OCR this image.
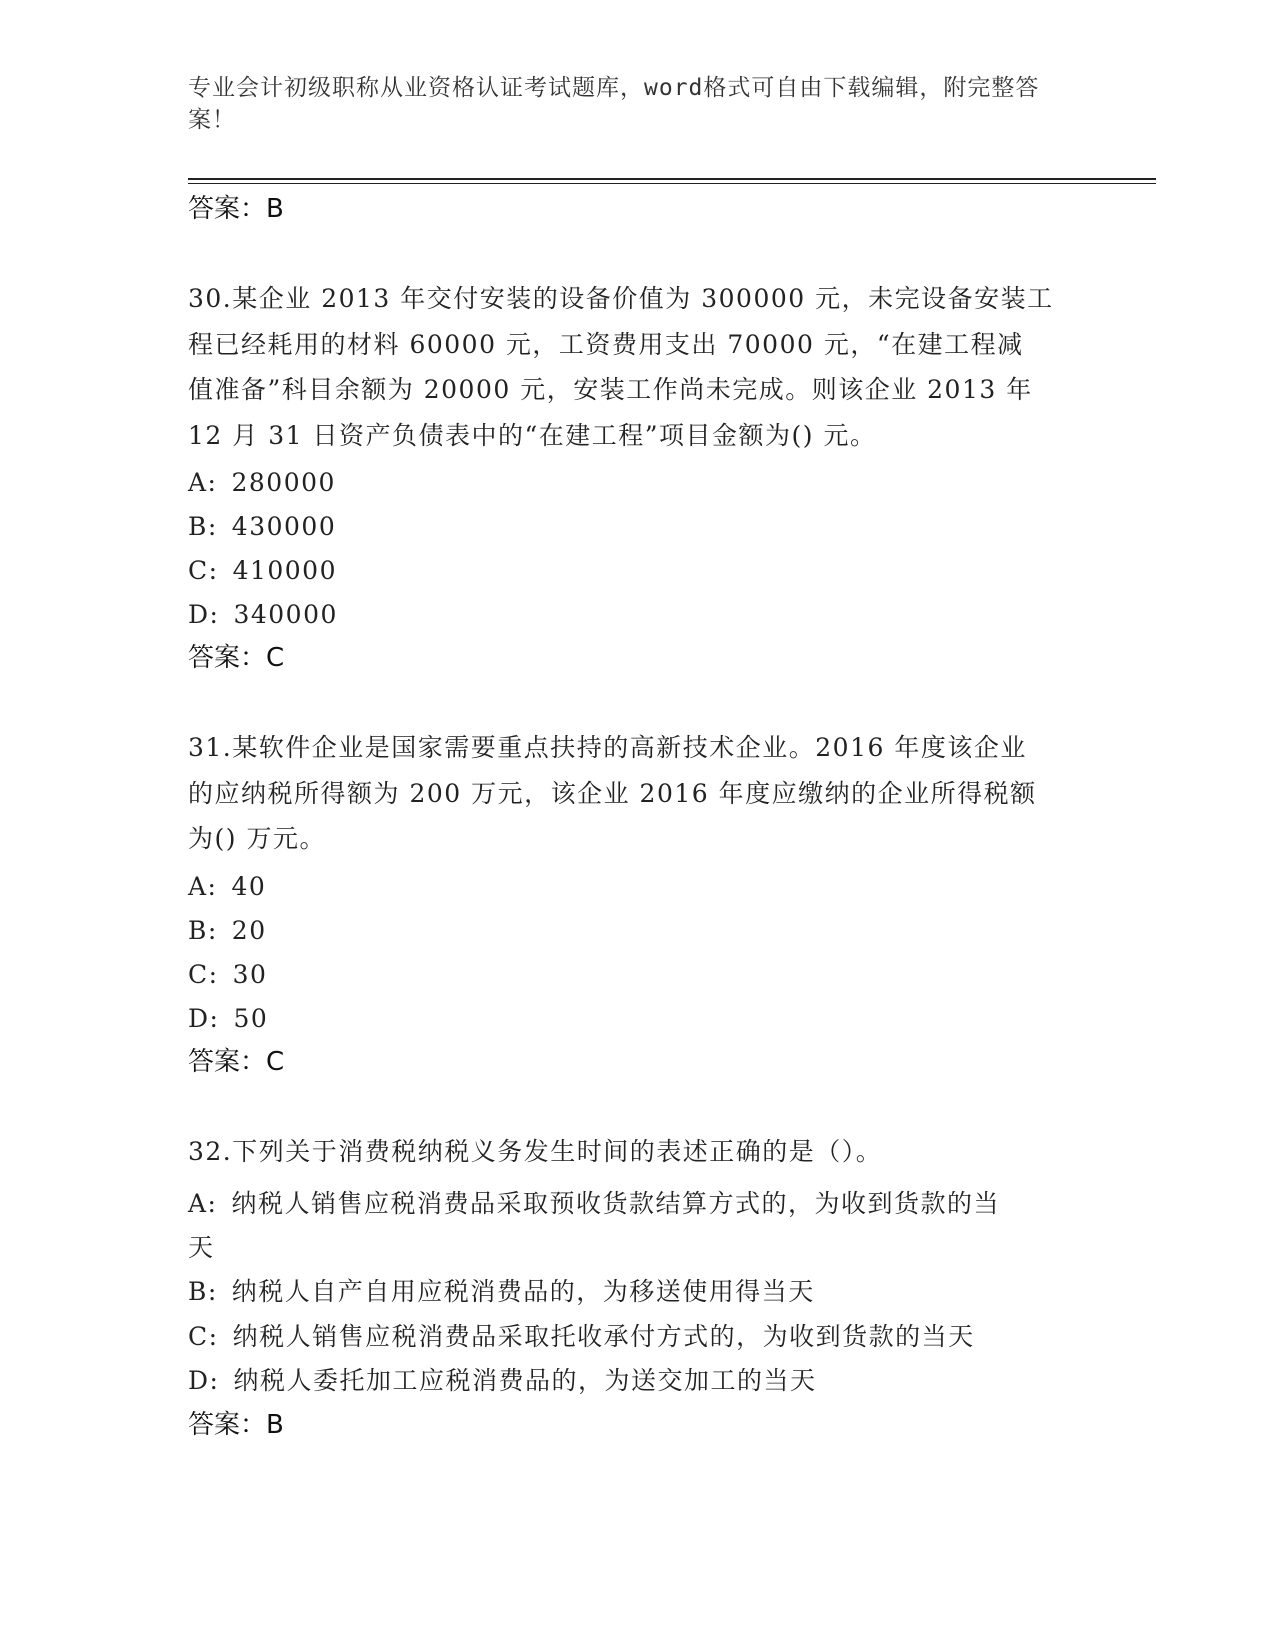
专业会计初级职称从业资格认证考试题库，word格式可自由下载编辑，附完整答
案！
答案：B
30.某企业 2013 年交付安装的设备价值为 300000 元，未完设备安装工
程已经耗用的材料 60000 元，工资费用支出 70000 元，“在建工程减
值准备”科目余额为 20000 元，安装工作尚未完成。则该企业 2013 年
12 月 31 日资产负债表中的“在建工程”项目金额为() 元。
A: 280000
B: 430000
C: 410000
D: 340000
答案：C
31.某软件企业是国家需要重点扶持的高新技术企业。2016 年度该企业
的应纳税所得额为 200 万元，该企业 2016 年度应缴纳的企业所得税额
为() 万元。
A: 40
B: 20
C: 30
D: 50
答案：C
32.下列关于消费税纳税义务发生时间的表述正确的是（）。
A: 纳税人销售应税消费品采取预收货款结算方式的，为收到货款的当
天
B: 纳税人自产自用应税消费品的，为移送使用得当天
C: 纳税人销售应税消费品采取托收承付方式的，为收到货款的当天
D: 纳税人委托加工应税消费品的，为送交加工的当天
答案：B
